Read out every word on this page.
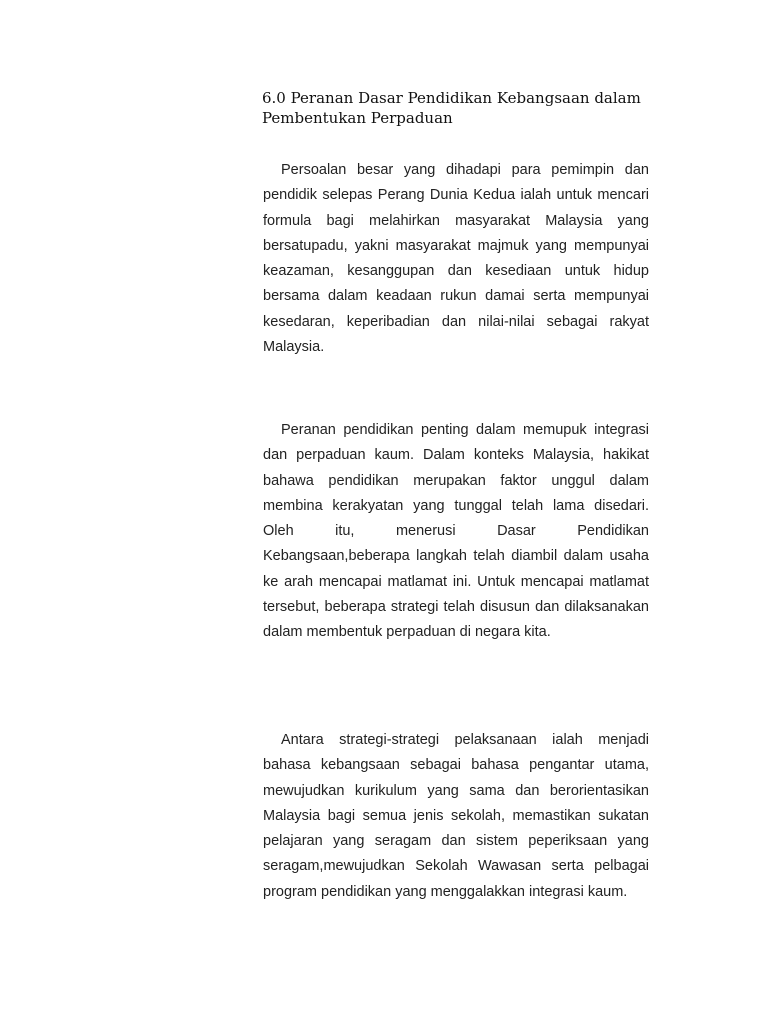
6.0 Peranan Dasar Pendidikan Kebangsaan dalam Pembentukan Perpaduan

Persoalan besar yang dihadapi para pemimpin dan pendidik selepas Perang Dunia Kedua ialah untuk mencari formula bagi melahirkan masyarakat Malaysia yang bersatupadu, yakni masyarakat majmuk yang mempunyai keazaman, kesanggupan dan kesediaan untuk hidup bersama dalam keadaan rukun damai serta mempunyai kesedaran, keperibadian dan nilai-nilai sebagai rakyat Malaysia.

Peranan pendidikan penting dalam memupuk integrasi dan perpaduan kaum. Dalam konteks Malaysia, hakikat bahawa pendidikan merupakan faktor unggul dalam membina kerakyatan yang tunggal telah lama disedari. Oleh itu, menerusi Dasar Pendidikan Kebangsaan,beberapa langkah telah diambil dalam usaha ke arah mencapai matlamat ini. Untuk mencapai matlamat tersebut, beberapa strategi telah disusun dan dilaksanakan dalam membentuk perpaduan di negara kita.

Antara strategi-strategi pelaksanaan ialah menjadi bahasa kebangsaan sebagai bahasa pengantar utama, mewujudkan kurikulum yang sama dan berorientasikan Malaysia bagi semua jenis sekolah, memastikan sukatan pelajaran yang seragam dan sistem peperiksaan yang seragam,mewujudkan Sekolah Wawasan serta pelbagai program pendidikan yang menggalakkan integrasi kaum.
